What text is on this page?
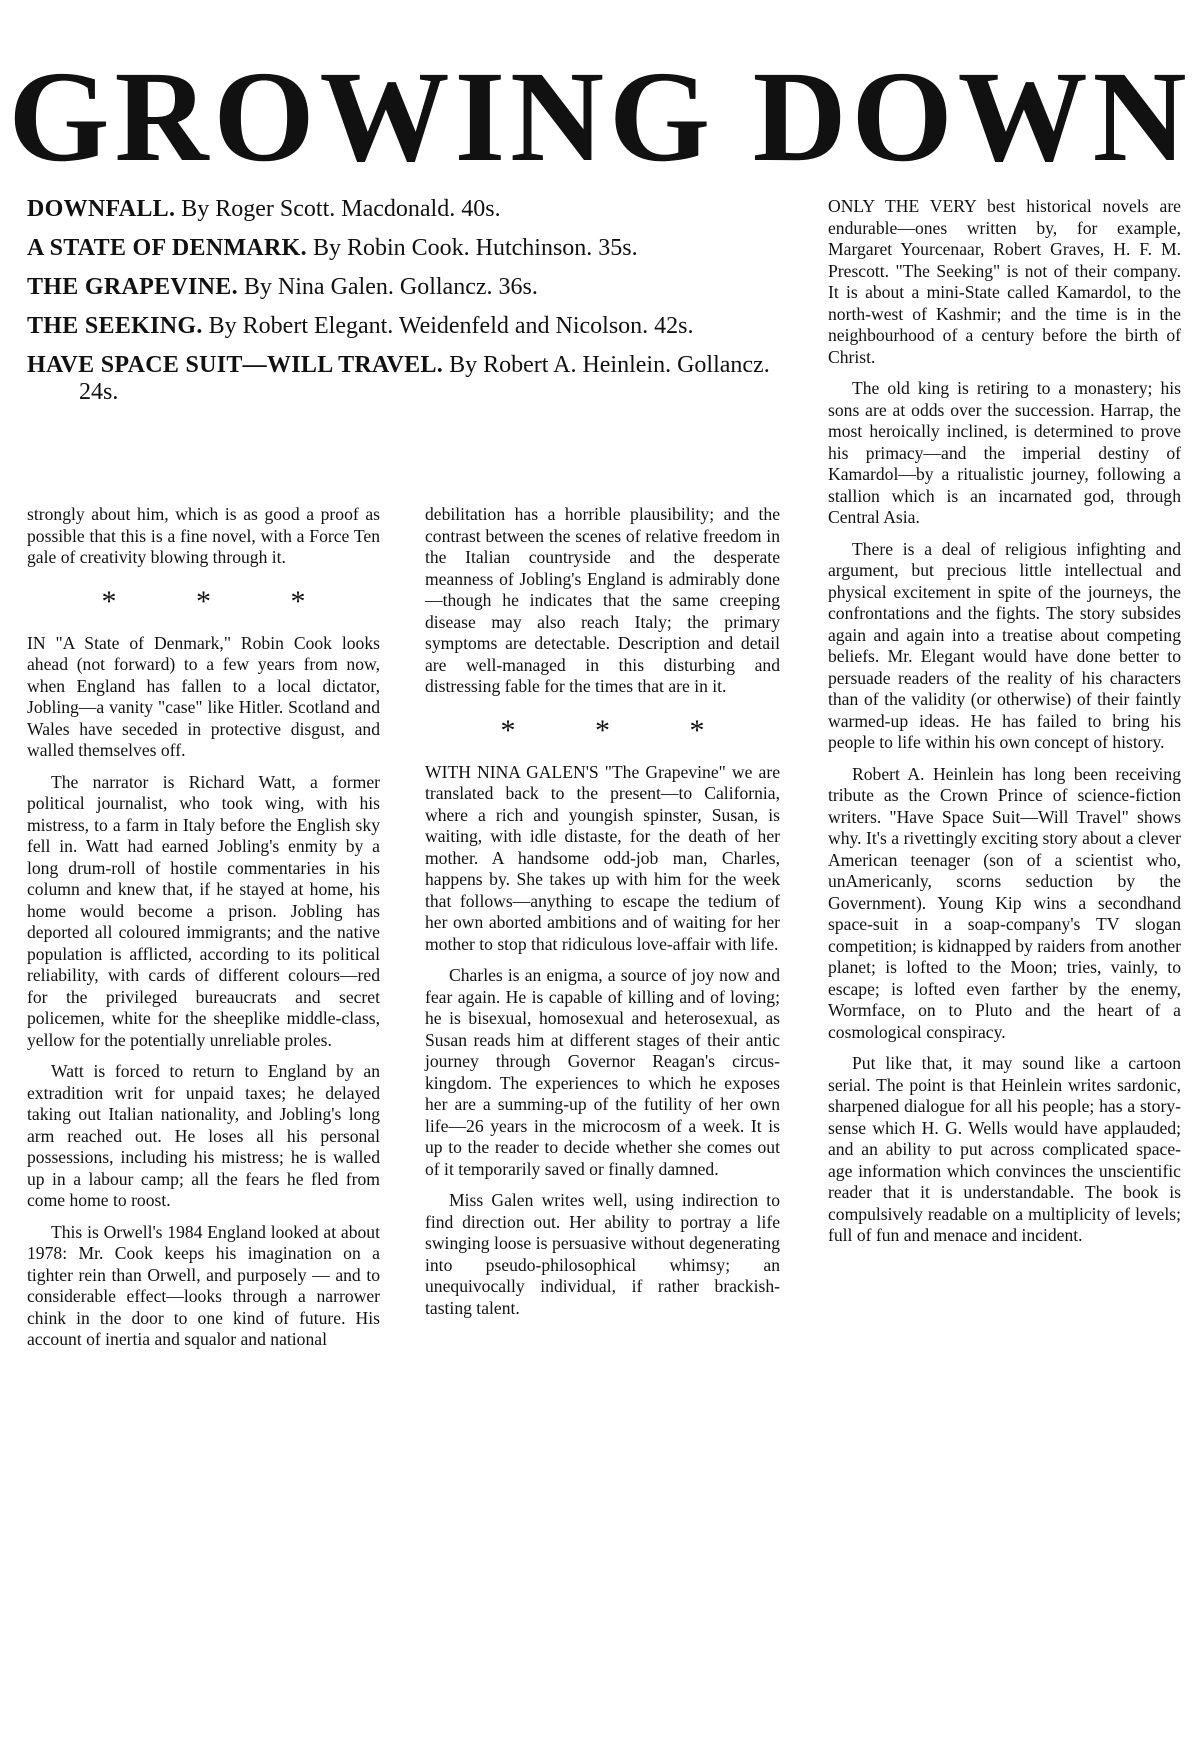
GROWING DOWN

DOWNFALL. By Roger Scott. Macdonald. 40s.

A STATE OF DENMARK. By Robin Cook. Hutchinson. 35s.

THE GRAPEVINE. By Nina Galen. Gollancz. 36s.

THE SEEKING. By Robert Elegant. Weidenfeld and Nicolson. 42s.

HAVE SPACE SUIT—WILL TRAVEL. By Robert A. Heinlein. Gollancz. 24s.

strongly about him, which is as good a proof as possible that this is a fine novel, with a Force Ten gale of creativity blowing through it.

* * *

IN "A State of Denmark," Robin Cook looks ahead (not forward) to a few years from now, when England has fallen to a local dictator, Jobling—a vanity "case" like Hitler. Scotland and Wales have seceded in protective disgust, and walled themselves off.

The narrator is Richard Watt, a former political journalist, who took wing, with his mistress, to a farm in Italy before the English sky fell in. Watt had earned Jobling's enmity by a long drum-roll of hostile commentaries in his column and knew that, if he stayed at home, his home would become a prison. Jobling has deported all coloured immigrants; and the native population is afflicted, according to its political reliability, with cards of different colours—red for the privileged bureaucrats and secret policemen, white for the sheeplike middle-class, yellow for the potentially unreliable proles.

Watt is forced to return to England by an extradition writ for unpaid taxes; he delayed taking out Italian nationality, and Jobling's long arm reached out. He loses all his personal possessions, including his mistress; he is walled up in a labour camp; all the fears he fled from come home to roost.

This is Orwell's 1984 England looked at about 1978: Mr. Cook keeps his imagination on a tighter rein than Orwell, and purposely — and to considerable effect—looks through a narrower chink in the door to one kind of future. His account of inertia and squalor and national

debilitation has a horrible plausibility; and the contrast between the scenes of relative freedom in the Italian countryside and the desperate meanness of Jobling's England is admirably done—though he indicates that the same creeping disease may also reach Italy; the primary symptoms are detectable. Description and detail are well-managed in this disturbing and distressing fable for the times that are in it.

* * *

WITH NINA GALEN'S "The Grapevine" we are translated back to the present—to California, where a rich and youngish spinster, Susan, is waiting, with idle distaste, for the death of her mother. A handsome odd-job man, Charles, happens by. She takes up with him for the week that follows—anything to escape the tedium of her own aborted ambitions and of waiting for her mother to stop that ridiculous love-affair with life.

Charles is an enigma, a source of joy now and fear again. He is capable of killing and of loving; he is bisexual, homosexual and heterosexual, as Susan reads him at different stages of their antic journey through Governor Reagan's circus-kingdom. The experiences to which he exposes her are a summing-up of the futility of her own life—26 years in the microcosm of a week. It is up to the reader to decide whether she comes out of it temporarily saved or finally damned.

Miss Galen writes well, using indirection to find direction out. Her ability to portray a life swinging loose is persuasive without degenerating into pseudo-philosophical whimsy; an unequivocally individual, if rather brackish-tasting talent.

ONLY THE VERY best historical novels are endurable—ones written by, for example, Margaret Yourcenaar, Robert Graves, H. F. M. Prescott. "The Seeking" is not of their company. It is about a mini-State called Kamardol, to the north-west of Kashmir; and the time is in the neighbourhood of a century before the birth of Christ.

The old king is retiring to a monastery; his sons are at odds over the succession. Harrap, the most heroically inclined, is determined to prove his primacy—and the imperial destiny of Kamardol—by a ritualistic journey, following a stallion which is an incarnated god, through Central Asia.

There is a deal of religious infighting and argument, but precious little intellectual and physical excitement in spite of the journeys, the confrontations and the fights. The story subsides again and again into a treatise about competing beliefs. Mr. Elegant would have done better to persuade readers of the reality of his characters than of the validity (or otherwise) of their faintly warmed-up ideas. He has failed to bring his people to life within his own concept of history.

Robert A. Heinlein has long been receiving tribute as the Crown Prince of science-fiction writers. "Have Space Suit—Will Travel" shows why. It's a rivettingly exciting story about a clever American teenager (son of a scientist who, unAmericanly, scorns seduction by the Government). Young Kip wins a secondhand space-suit in a soap-company's TV slogan competition; is kidnapped by raiders from another planet; is lofted to the Moon; tries, vainly, to escape; is lofted even farther by the enemy, Wormface, on to Pluto and the heart of a cosmological conspiracy.

Put like that, it may sound like a cartoon serial. The point is that Heinlein writes sardonic, sharpened dialogue for all his people; has a story-sense which H. G. Wells would have applauded; and an ability to put across complicated space-age information which convinces the unscientific reader that it is understandable. The book is compulsively readable on a multiplicity of levels; full of fun and menace and incident.
